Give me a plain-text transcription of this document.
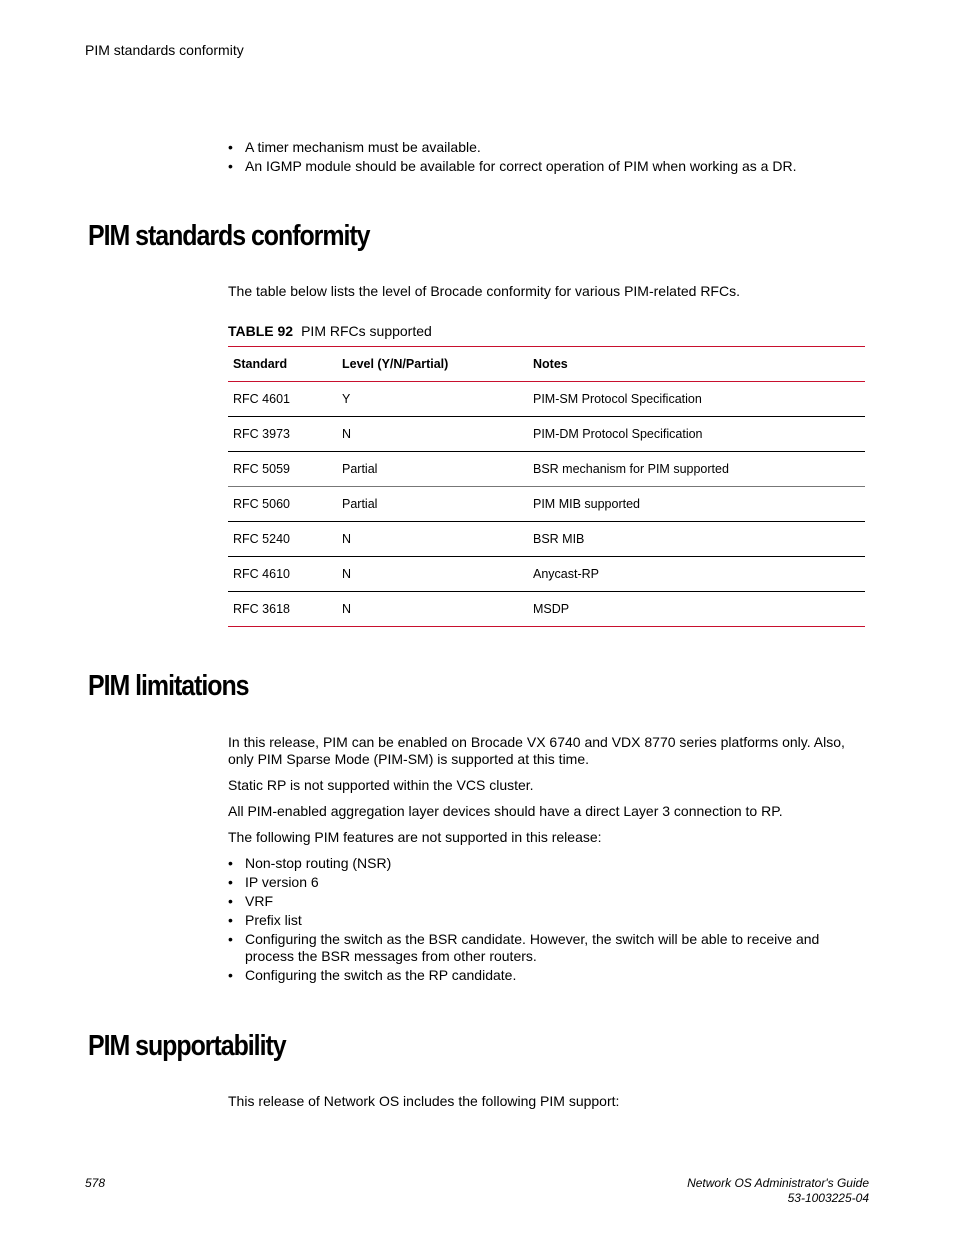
PIM standards conformity
• A timer mechanism must be available.
• An IGMP module should be available for correct operation of PIM when working as a DR.
PIM standards conformity

The table below lists the level of Brocade conformity for various PIM-related RFCs.

TABLE 92 PIM RFCs supported
Standard	Level (Y/N/Partial)	Notes
RFC 4601	Y	PIM-SM Protocol Specification
RFC 3973	N	PIM-DM Protocol Specification
RFC 5059	Partial	BSR mechanism for PIM supported
RFC 5060	Partial	PIM MIB supported
RFC 5240	N	BSR MIB
RFC 4610	N	Anycast-RP
RFC 3618	N	MSDP
PIM limitations

In this release, PIM can be enabled on Brocade VX 6740 and VDX 8770 series platforms only. Also, only PIM Sparse Mode (PIM-SM) is supported at this time.

Static RP is not supported within the VCS cluster.

All PIM-enabled aggregation layer devices should have a direct Layer 3 connection to RP.

The following PIM features are not supported in this release:

• Non-stop routing (NSR)
• IP version 6
• VRF
• Prefix list
• Configuring the switch as the BSR candidate. However, the switch will be able to receive and process the BSR messages from other routers.
• Configuring the switch as the RP candidate.
PIM supportability

This release of Network OS includes the following PIM support:

578	Network OS Administrator's Guide
53-1003225-04
